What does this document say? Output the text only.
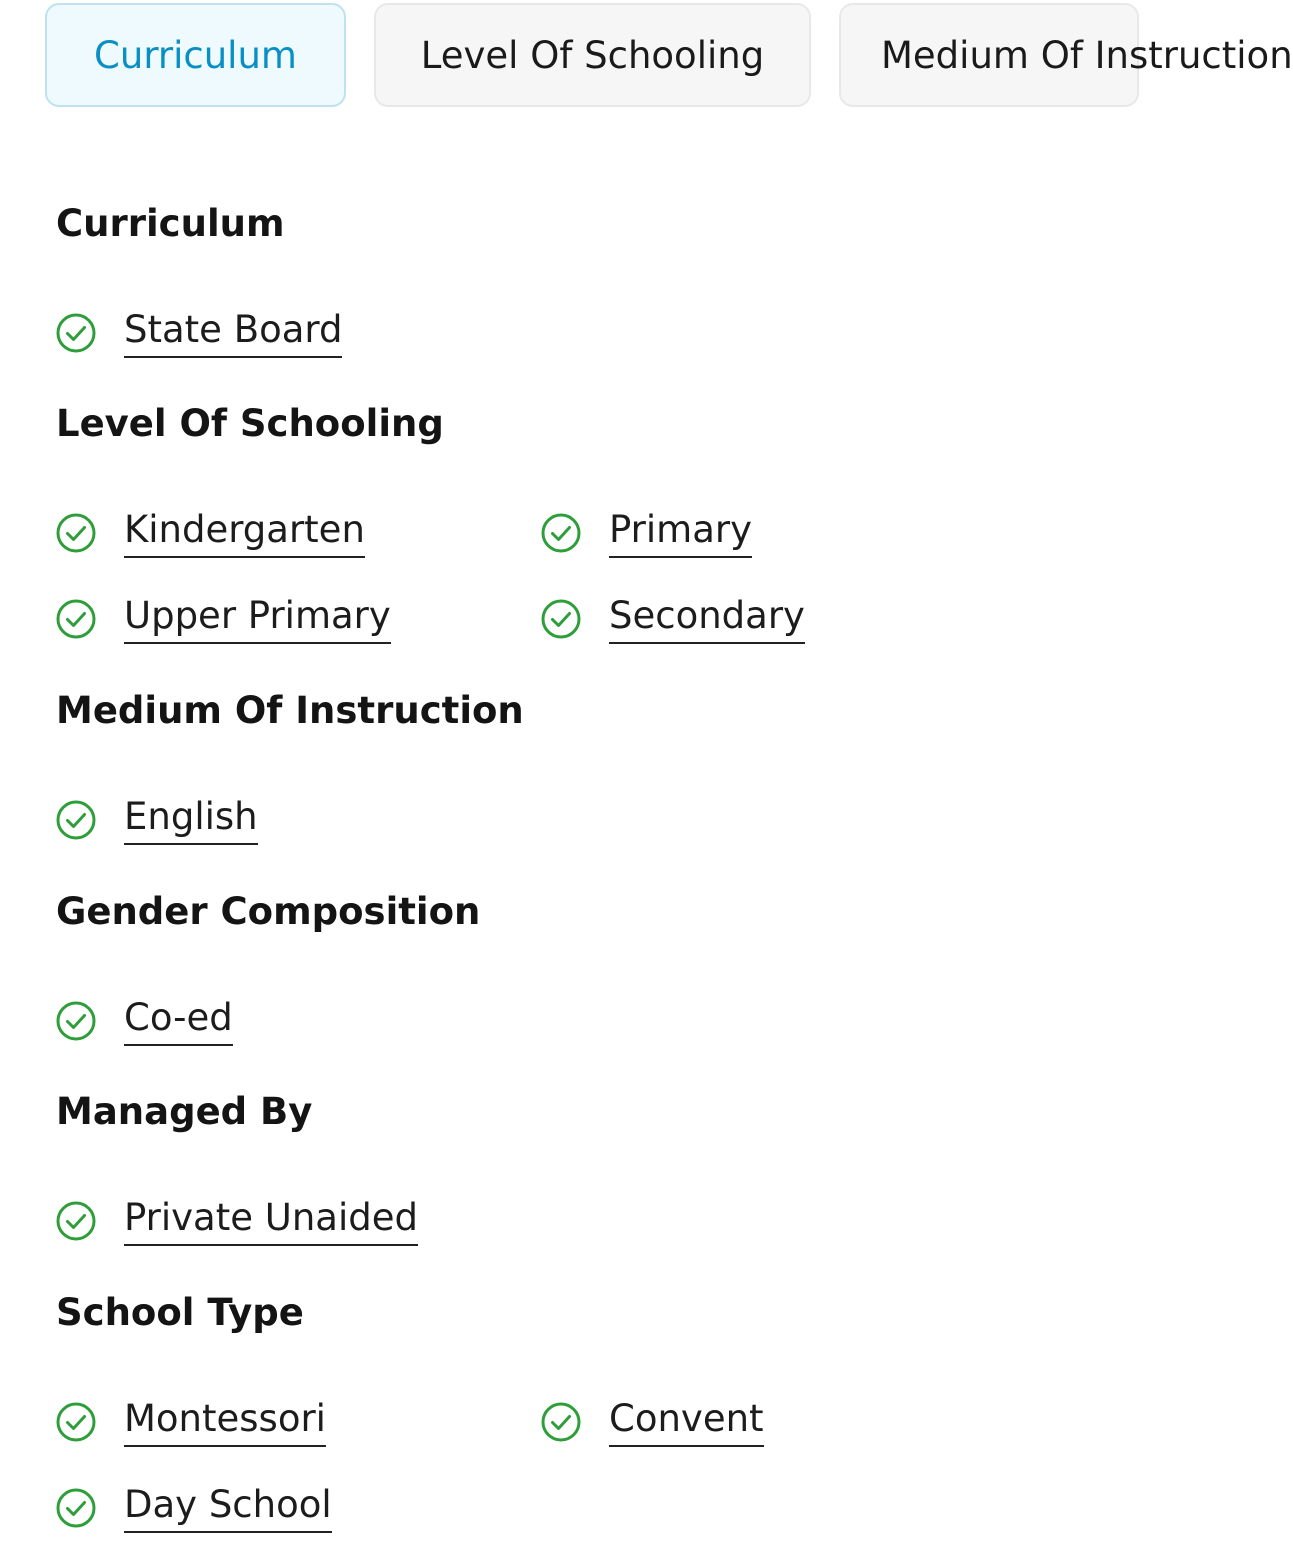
Curriculum	Level Of Schooling	Medium Of Instruction
Curriculum
State Board
Level Of Schooling
Kindergarten	Primary
Upper Primary	Secondary
Medium Of Instruction
English
Gender Composition
Co-ed
Managed By
Private Unaided
School Type
Montessori	Convent
Day School
